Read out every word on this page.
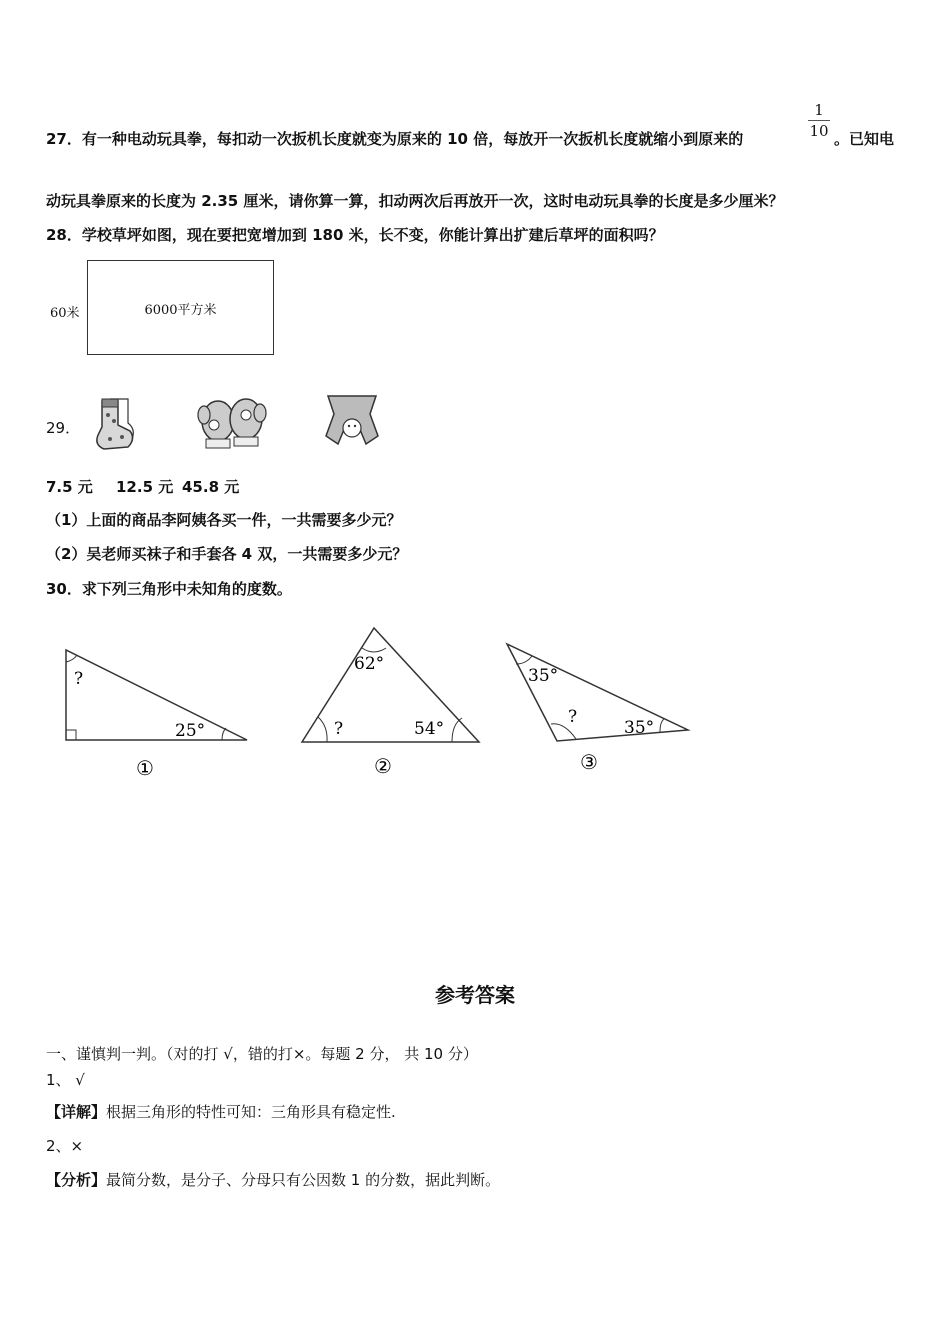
27．有一种电动玩具拳，每扣动一次扳机长度就变为原来的 10 倍，每放开一次扳机长度就缩小到原来的
1
10 。已知电
动玩具拳原来的长度为 2.35 厘米，请你算一算，扣动两次后再放开一次，这时电动玩具拳的长度是多少厘米？
28．学校草坪如图，现在要把宽增加到 180 米，长不变，你能计算出扩建后草坪的面积吗？
6000平方米
60米
29．
7.5 元 12.5 元 45.8 元
（1）上面的商品李阿姨各买一件，一共需要多少元？
（2）吴老师买袜子和手套各 4 双，一共需要多少元？
30．求下列三角形中未知角的度数。
?
25°
①
62°
?	54°
②
35°
?
35°
③
参考答案
一、谨慎判一判。（对的打 √，错的打×。每题 2 分， 共 10 分）
1、 √
【详解】根据三角形的特性可知：三角形具有稳定性.
2、×
【分析】最简分数，是分子、分母只有公因数 1 的分数，据此判断。
